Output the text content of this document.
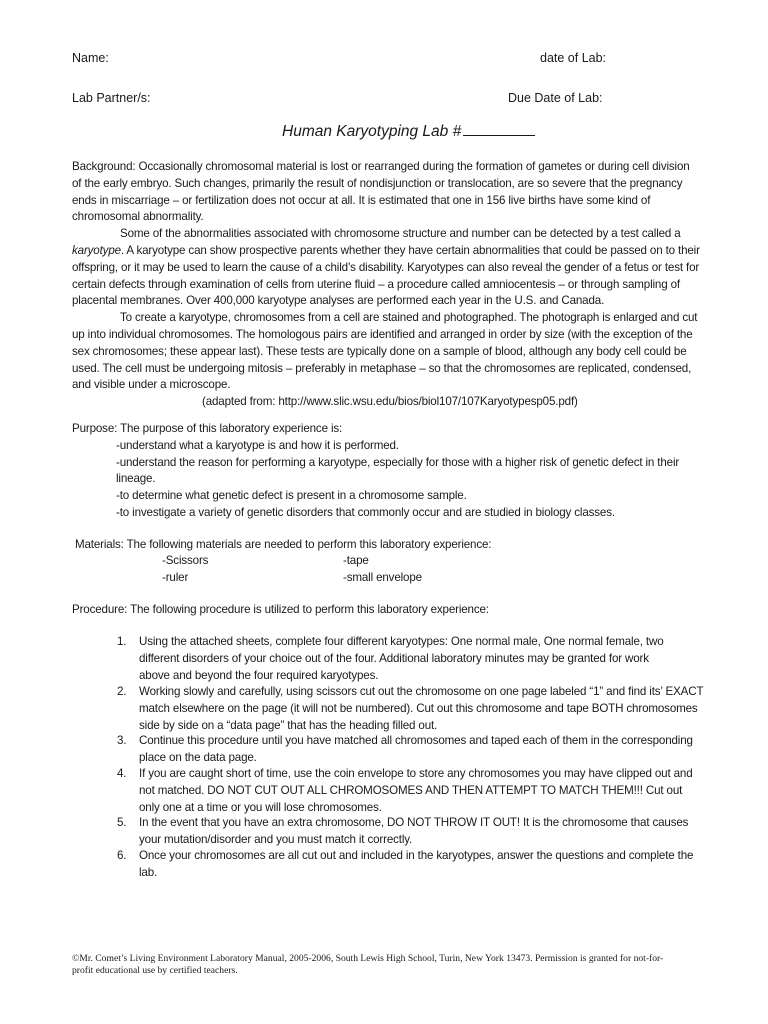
Name:	date of Lab:
Lab Partner/s:	Due Date of Lab:
Human Karyotyping Lab #

Background: Occasionally chromosomal material is lost or rearranged during the formation of gametes or during cell division

of the early embryo. Such changes, primarily the result of nondisjunction or translocation, are so severe that the pregnancy

ends in miscarriage – or fertilization does not occur at all. It is estimated that one in 156 live births have some kind of

chromosomal abnormality.

Some of the abnormalities associated with chromosome structure and number can be detected by a test called a

karyotype. A karyotype can show prospective parents whether they have certain abnormalities that could be passed on to their

offspring, or it may be used to learn the cause of a child’s disability. Karyotypes can also reveal the gender of a fetus or test for

certain defects through examination of cells from uterine fluid – a procedure called amniocentesis – or through sampling of

placental membranes. Over 400,000 karyotype analyses are performed each year in the U.S. and Canada.

To create a karyotype, chromosomes from a cell are stained and photographed. The photograph is enlarged and cut

up into individual chromosomes. The homologous pairs are identified and arranged in order by size (with the exception of the

sex chromosomes; these appear last). These tests are typically done on a sample of blood, although any body cell could be

used. The cell must be undergoing mitosis – preferably in metaphase – so that the chromosomes are replicated, condensed,

and visible under a microscope.

(adapted from: http://www.slic.wsu.edu/bios/biol107/107Karyotypesp05.pdf)

Purpose: The purpose of this laboratory experience is:

-understand what a karyotype is and how it is performed.

-understand the reason for performing a karyotype, especially for those with a higher risk of genetic defect in their

lineage.

-to determine what genetic defect is present in a chromosome sample.

-to investigate a variety of genetic disorders that commonly occur and are studied in biology classes.

Materials: The following materials are needed to perform this laboratory experience:
-Scissors
-ruler
-tape
-small envelope
Procedure: The following procedure is utilized to perform this laboratory experience:
1. Using the attached sheets, complete four different karyotypes: One normal male, One normal female, two

different disorders of your choice out of the four. Additional laboratory minutes may be granted for work

above and beyond the four required karyotypes.

2. Working slowly and carefully, using scissors cut out the chromosome on one page labeled “1” and find its’ EXACT

match elsewhere on the page (it will not be numbered). Cut out this chromosome and tape BOTH chromosomes

side by side on a “data page” that has the heading filled out.

3. Continue this procedure until you have matched all chromosomes and taped each of them in the corresponding

place on the data page.

4. If you are caught short of time, use the coin envelope to store any chromosomes you may have clipped out and

not matched. DO NOT CUT OUT ALL CHROMOSOMES AND THEN ATTEMPT TO MATCH THEM!!! Cut out

only one at a time or you will lose chromosomes.

5. In the event that you have an extra chromosome, DO NOT THROW IT OUT! It is the chromosome that causes

your mutation/disorder and you must match it correctly.

6. Once your chromosomes are all cut out and included in the karyotypes, answer the questions and complete the

lab.

©Mr. Comet’s Living Environment Laboratory Manual, 2005-2006, South Lewis High School, Turin, New York 13473. Permission is granted for not-for-
profit educational use by certified teachers.
